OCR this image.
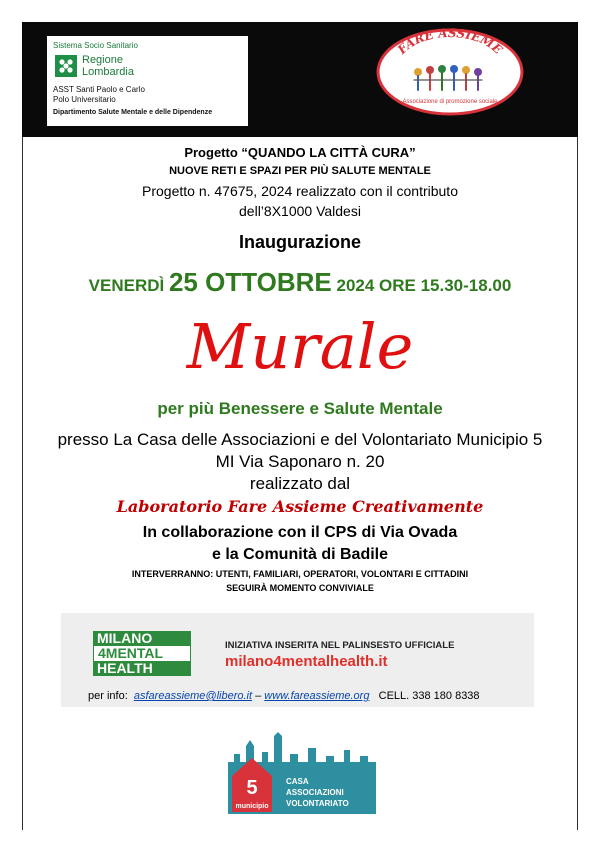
Sistema Socio Sanitario
Regione
Lombardia
ASST Santi Paolo e Carlo
Polo Universitario
Dipartimento Salute Mentale e delle Dipendenze
FARE ASSIEME
Associazione di promozione sociale
Progetto “QUANDO LA CITTÀ CURA”
NUOVE RETI E SPAZI PER PIÙ SALUTE MENTALE
Progetto n. 47675, 2024 realizzato con il contributo
dell’8X1000 Valdesi
Inaugurazione
VENERDÌ 25 OTTOBRE 2024 ORE 15.30-18.00
Murale
per più Benessere e Salute Mentale
presso La Casa delle Associazioni e del Volontariato Municipio 5
MI Via Saponaro n. 20
realizzato dal
Laboratorio Fare Assieme Creativamente
In collaborazione con il CPS di Via Ovada
e la Comunità di Badile
INTERVERRANNO: UTENTI, FAMILIARI, OPERATORI, VOLONTARI E CITTADINI
SEGUIRÀ MOMENTO CONVIVIALE
MILANO
4MENTAL
HEALTH
INIZIATIVA INSERITA NEL PALINSESTO UFFICIALE
milano4mentalhealth.it
per info: asfareassieme@libero.it – www.fareassieme.org CELL. 338 180 8338
5
municipio
CASA
ASSOCIAZIONI
VOLONTARIATO
